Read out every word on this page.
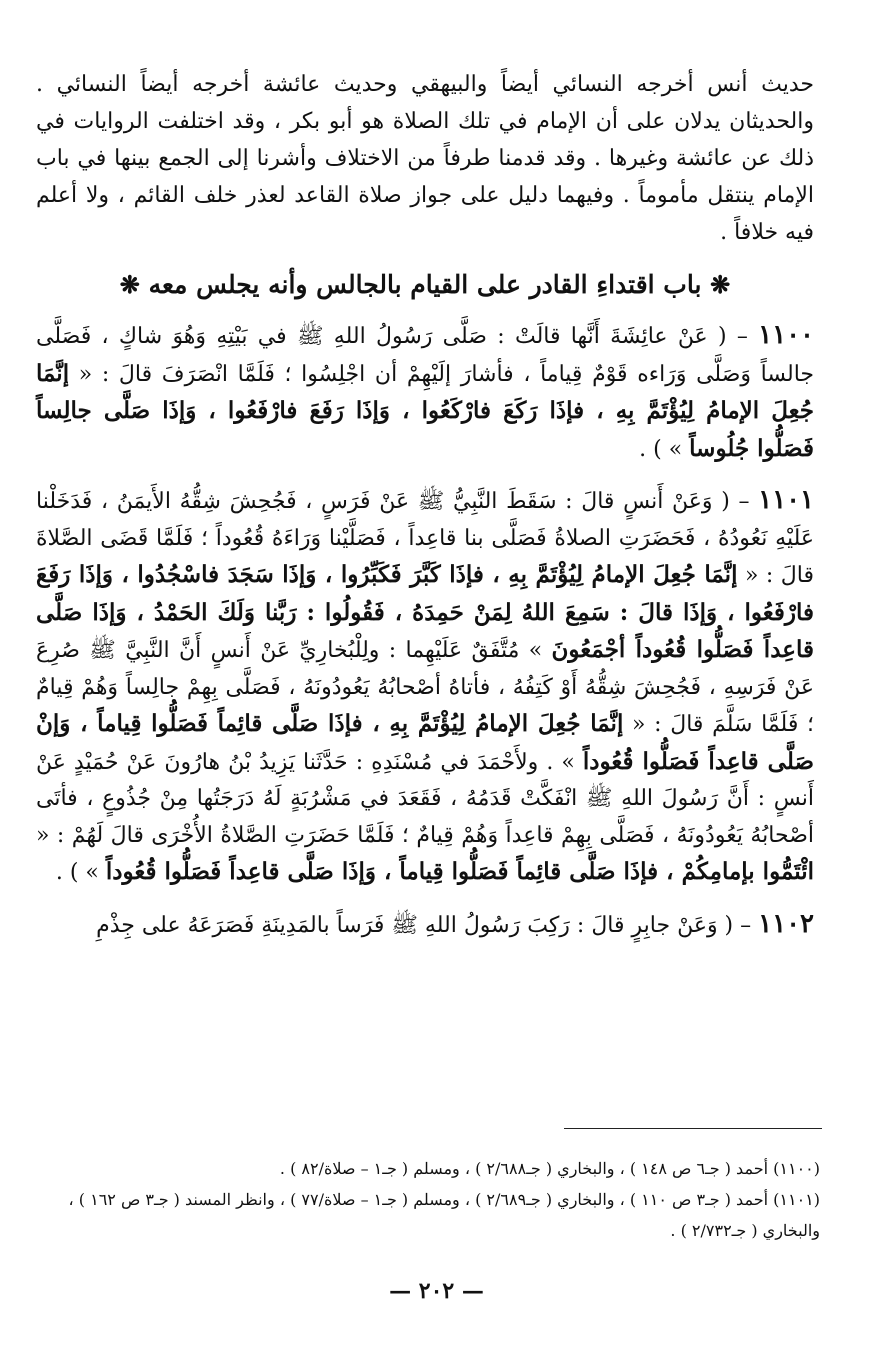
حديث أنس أخرجه النسائي أيضاً والبيهقي وحديث عائشة أخرجه أيضاً النسائي . والحديثان يدلان على أن الإمام في تلك الصلاة هو أبو بكر ، وقد اختلفت الروايات في ذلك عن عائشة وغيرها . وقد قدمنا طرفاً من الاختلاف وأشرنا إلى الجمع بينها في باب الإمام ينتقل مأموماً . وفيهما دليل على جواز صلاة القاعد لعذر خلف القائم ، ولا أعلم فيه خلافاً .

❋ باب اقتداءِ القادر على القيام بالجالس وأنه يجلس معه ❋

١١٠٠ – ( عَنْ عائِشَةَ أَنَّها قالَتْ : صَلَّى رَسُولُ اللهِ ﷺ في بَيْتِهِ وَهُوَ شاكٍ ، فَصَلَّى جالساً وَصَلَّى وَرَاءه قَوْمٌ قِياماً ، فأشارَ إلَيْهِمْ أن اجْلِسُوا ؛ فَلَمَّا انْصَرَفَ قالَ : « إنَّمَا جُعِلَ الإمامُ لِيُؤْتَمَّ بِهِ ، فإذَا رَكَعَ فارْكَعُوا ، وَإذَا رَفَعَ فارْفَعُوا ، وَإذَا صَلَّى جالِساً فَصَلُّوا جُلُوساً » ) .

١١٠١ – ( وَعَنْ أَنسٍ قالَ : سَقَطَ النَّبِيُّ ﷺ عَنْ فَرَسٍ ، فَجُحِشَ شِقُّهُ الأَيمَنُ ، فَدَخَلْنا عَلَيْهِ نَعُودُهُ ، فَحَضَرَتِ الصلاةُ فَصَلَّى بنا قاعِداً ، فَصَلَّيْنا وَرَاءَهُ قُعُوداً ؛ فَلَمَّا قَضَى الصَّلاةَ قالَ : « إنَّمَا جُعِلَ الإمامُ لِيُؤْتَمَّ بِهِ ، فإذَا كَبَّرَ فَكَبِّرُوا ، وَإذَا سَجَدَ فاسْجُدُوا ، وَإذَا رَفَعَ فارْفَعُوا ، وَإذَا قالَ : سَمِعَ اللهُ لِمَنْ حَمِدَهُ ، فَقُولُوا : رَبَّنا وَلَكَ الحَمْدُ ، وَإذَا صَلَّى قاعِداً فَصَلُّوا قُعُوداً أجْمَعُونَ » مُتَّفَقٌ عَلَيْهِما : ولِلْبُخارِيِّ عَنْ أَنسٍ أَنَّ النَّبِيَّ ﷺ صُرِعَ عَنْ فَرَسِهِ ، فَجُحِشَ شِقُّهُ أَوْ كَتِفُهُ ، فأتاهُ أصْحابُهُ يَعُودُونَهُ ، فَصَلَّى بِهِمْ جالِساً وَهُمْ قِيامٌ ؛ فَلَمَّا سَلَّمَ قالَ : « إنَّمَا جُعِلَ الإمامُ لِيُؤْتَمَّ بِهِ ، فإذَا صَلَّى قائِماً فَصَلُّوا قِياماً ، وَإنْ صَلَّى قاعِداً فَصَلُّوا قُعُوداً » . ولأَحْمَدَ في مُسْنَدِهِ : حَدَّثَنا يَزِيدُ بْنُ هارُونَ عَنْ حُمَيْدٍ عَنْ أَنسٍ : أَنَّ رَسُولَ اللهِ ﷺ انْفَكَّتْ قَدَمُهُ ، فَقَعَدَ في مَشْرُبَةٍ لَهُ دَرَجَتُها مِنْ جُذُوعٍ ، فأتَى أصْحابُهُ يَعُودُونَهُ ، فَصَلَّى بِهِمْ قاعِداً وَهُمْ قِيامٌ ؛ فَلَمَّا حَضَرَتِ الصَّلاةُ الأُخْرَى قالَ لَهُمْ : « ائْتَمُّوا بإمامِكُمْ ، فإذَا صَلَّى قائِماً فَصَلُّوا قِياماً ، وَإذَا صَلَّى قاعِداً فَصَلُّوا قُعُوداً » ) .

١١٠٢ – ( وَعَنْ جابِرٍ قالَ : رَكِبَ رَسُولُ اللهِ ﷺ فَرَساً بالمَدِينَةِ فَصَرَعَهُ على جِذْمِ

(١١٠٠) أحمد ( جـ٦ ص ١٤٨ ) ، والبخاري ( جـ٢/٦٨٨ ) ، ومسلم ( جـ١ – صلاة/٨٢ ) .

(١١٠١) أحمد ( جـ٣ ص ١١٠ ) ، والبخاري ( جـ٢/٦٨٩ ) ، ومسلم ( جـ١ – صلاة/٧٧ ) ، وانظر المسند ( جـ٣ ص ١٦٢ ) ، والبخاري ( جـ٢/٧٣٢ ) .

— ٢٠٢ —
